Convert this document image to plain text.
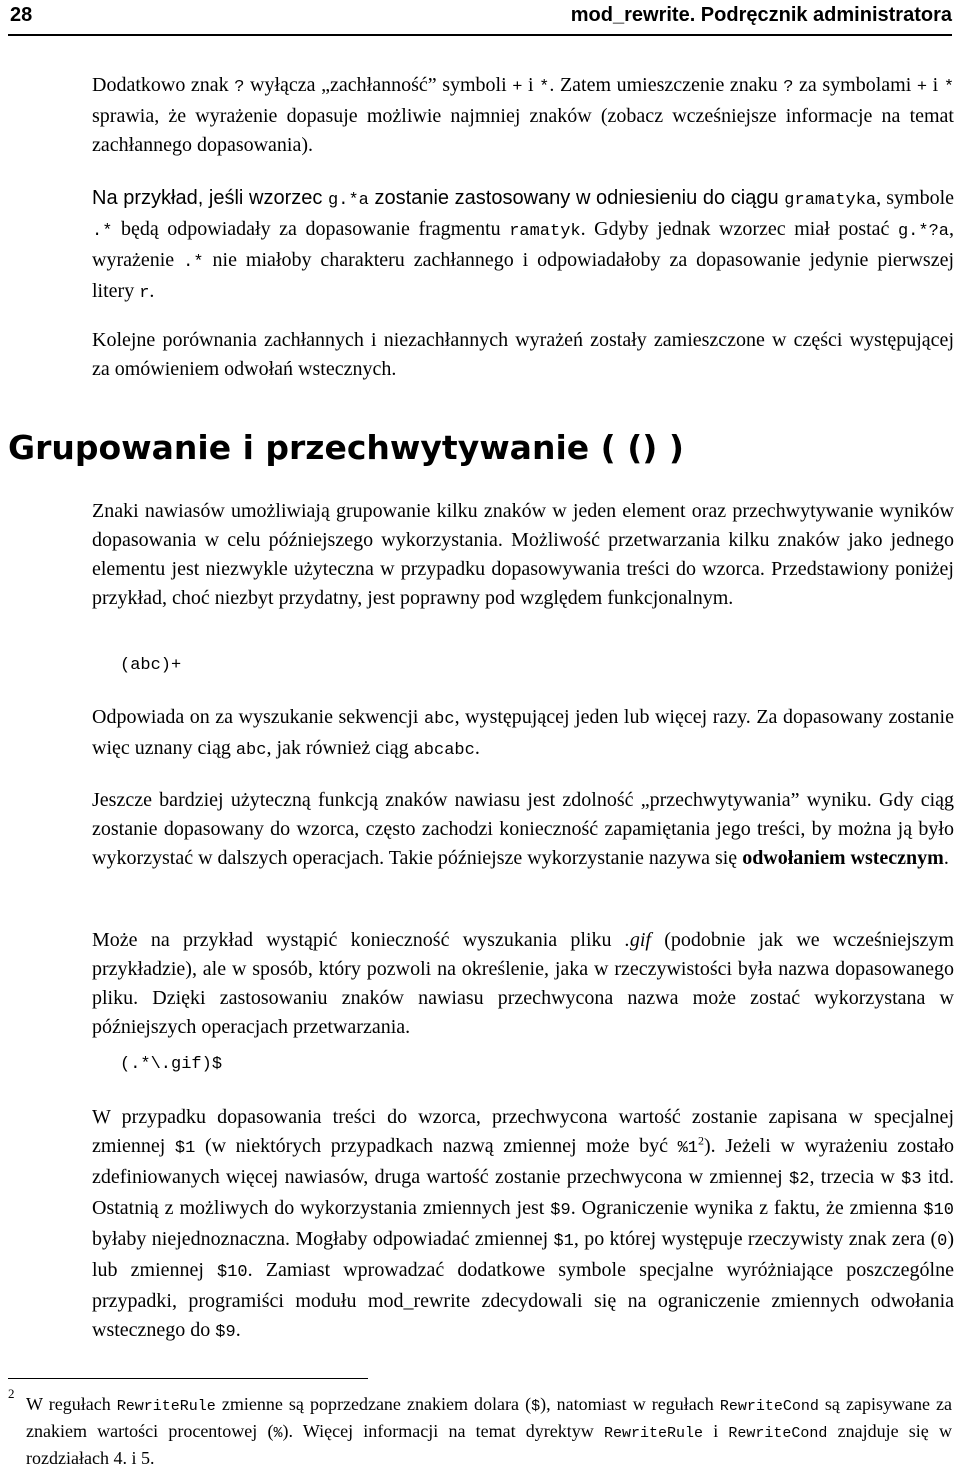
28	mod_rewrite. Podręcznik administratora
Dodatkowo znak ? wyłącza „zachłanność” symboli + i *. Zatem umieszczenie znaku ? za symbolami + i * sprawia, że wyrażenie dopasuje możliwie najmniej znaków (zobacz wcześniejsze informacje na temat zachłannego dopasowania).
Na przykład, jeśli wzorzec g.*a zostanie zastosowany w odniesieniu do ciągu gramatyka, symbole .* będą odpowiadały za dopasowanie fragmentu ramatyk. Gdyby jednak wzorzec miał postać g.*?a, wyrażenie .* nie miałoby charakteru zachłannego i odpowiadałoby za dopasowanie jedynie pierwszej litery r.
Kolejne porównania zachłannych i niezachłannych wyrażeń zostały zamieszczone w części występującej za omówieniem odwołań wstecznych.
Grupowanie i przechwytywanie ( () )
Znaki nawiasów umożliwiają grupowanie kilku znaków w jeden element oraz przechwytywanie wyników dopasowania w celu późniejszego wykorzystania. Możliwość przetwarzania kilku znaków jako jednego elementu jest niezwykle użyteczna w przypadku dopasowywania treści do wzorca. Przedstawiony poniżej przykład, choć niezbyt przydatny, jest poprawny pod względem funkcjonalnym.
(abc)+
Odpowiada on za wyszukanie sekwencji abc, występującej jeden lub więcej razy. Za dopasowany zostanie więc uznany ciąg abc, jak również ciąg abcabc.
Jeszcze bardziej użyteczną funkcją znaków nawiasu jest zdolność „przechwytywania” wyniku. Gdy ciąg zostanie dopasowany do wzorca, często zachodzi konieczność zapamiętania jego treści, by można ją było wykorzystać w dalszych operacjach. Takie późniejsze wykorzystanie nazywa się odwołaniem wstecznym.
Może na przykład wystąpić konieczność wyszukania pliku .gif (podobnie jak we wcześniejszym przykładzie), ale w sposób, który pozwoli na określenie, jaka w rzeczywistości była nazwa dopasowanego pliku. Dzięki zastosowaniu znaków nawiasu przechwycona nazwa może zostać wykorzystana w późniejszych operacjach przetwarzania.
(.*\.gif)$
W przypadku dopasowania treści do wzorca, przechwycona wartość zostanie zapisana w specjalnej zmiennej $1 (w niektórych przypadkach nazwą zmiennej może być $\%1^2$). Jeżeli w wyrażeniu zostało zdefiniowanych więcej nawiasów, druga wartość zostanie przechwycona w zmiennej $2, trzecia w $3 itd. Ostatnią z możliwych do wykorzystania zmiennych jest $9. Ograniczenie wynika z faktu, że zmienna $10 byłaby niejednoznaczna. Mogłaby odpowiadać zmiennej $1, po której występuje rzeczywisty znak zera (0) lub zmiennej $10. Zamiast wprowadzać dodatkowe symbole specjalne wyróżniające poszczególne przypadki, programiści modułu mod_rewrite zdecydowali się na ograniczenie zmiennych odwołania wstecznego do $9.
2
W regułach RewriteRule zmienne są poprzedzane znakiem dolara ($), natomiast w regułach RewriteCond są zapisywane za znakiem wartości procentowej (%). Więcej informacji na temat dyrektyw RewriteRule i RewriteCond znajduje się w rozdziałach 4. i 5.
